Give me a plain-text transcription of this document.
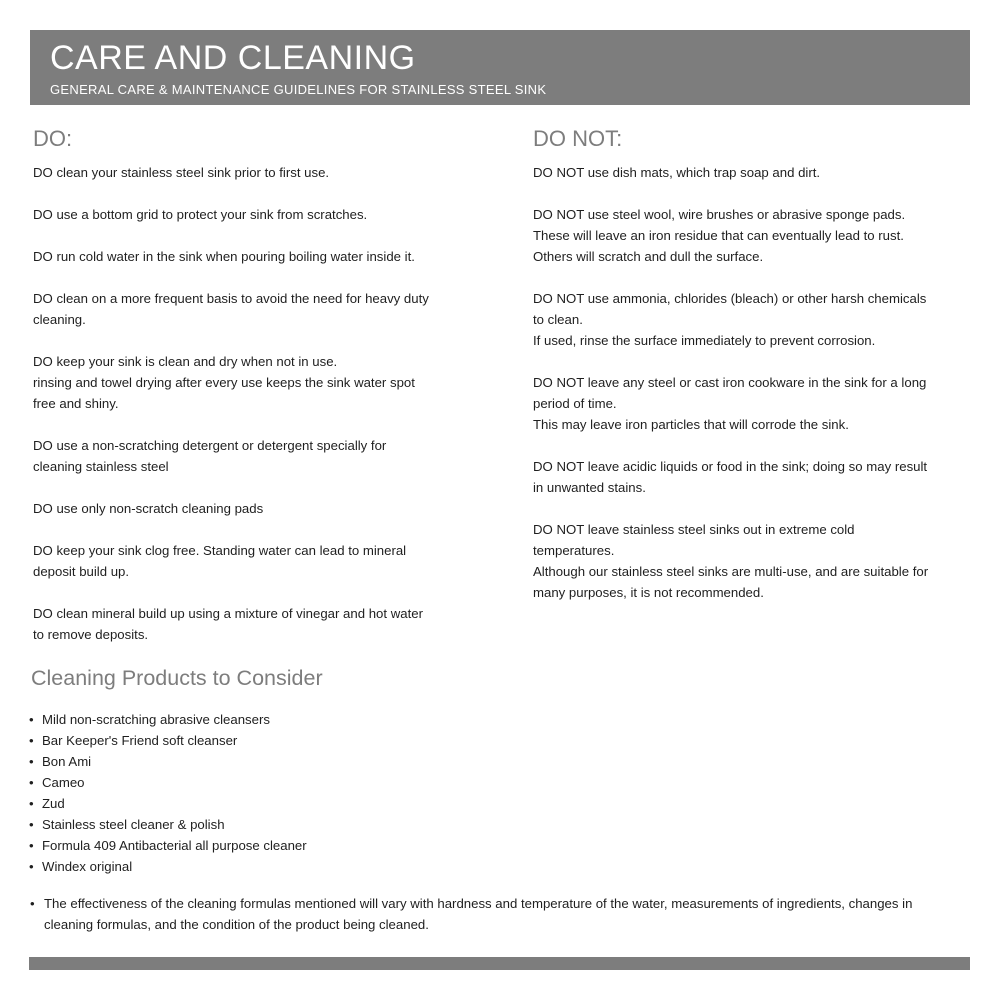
CARE AND CLEANING

GENERAL CARE & MAINTENANCE GUIDELINES FOR STAINLESS STEEL SINK

DO:
DO clean your stainless steel sink prior to first use.
DO use a bottom grid to protect your sink from scratches.
DO run cold water in the sink when pouring boiling water inside it.
DO clean on a more frequent basis to avoid the need for heavy duty
cleaning.
DO keep your sink is clean and dry when not in use.
rinsing and towel drying after every use keeps the sink water spot
free and shiny.
DO use a non-scratching detergent or detergent specially for
cleaning stainless steel
DO use only non-scratch cleaning pads
DO keep your sink clog free. Standing water can lead to mineral
deposit build up.
DO clean mineral build up using a mixture of vinegar and hot water
to remove deposits.
DO NOT:
DO NOT use dish mats, which trap soap and dirt.
DO NOT use steel wool, wire brushes or abrasive sponge pads.
These will leave an iron residue that can eventually lead to rust.
Others will scratch and dull the surface.
DO NOT use ammonia, chlorides (bleach) or other harsh chemicals
to clean.
If used, rinse the surface immediately to prevent corrosion.
DO NOT leave any steel or cast iron cookware in the sink for a long
period of time.
This may leave iron particles that will corrode the sink.
DO NOT leave acidic liquids or food in the sink; doing so may result
in unwanted stains.
DO NOT leave stainless steel sinks out in extreme cold
temperatures.
Although our stainless steel sinks are multi-use, and are suitable for
many purposes, it is not recommended.
Cleaning Products to Consider
• Mild non-scratching abrasive cleansers
• Bar Keeper's Friend soft cleanser
• Bon Ami
• Cameo
• Zud
• Stainless steel cleaner & polish
• Formula 409 Antibacterial all purpose cleaner
• Windex original
• The effectiveness of the cleaning formulas mentioned will vary with hardness and temperature of the water, measurements of ingredients, changes in cleaning formulas, and the condition of the product being cleaned.
